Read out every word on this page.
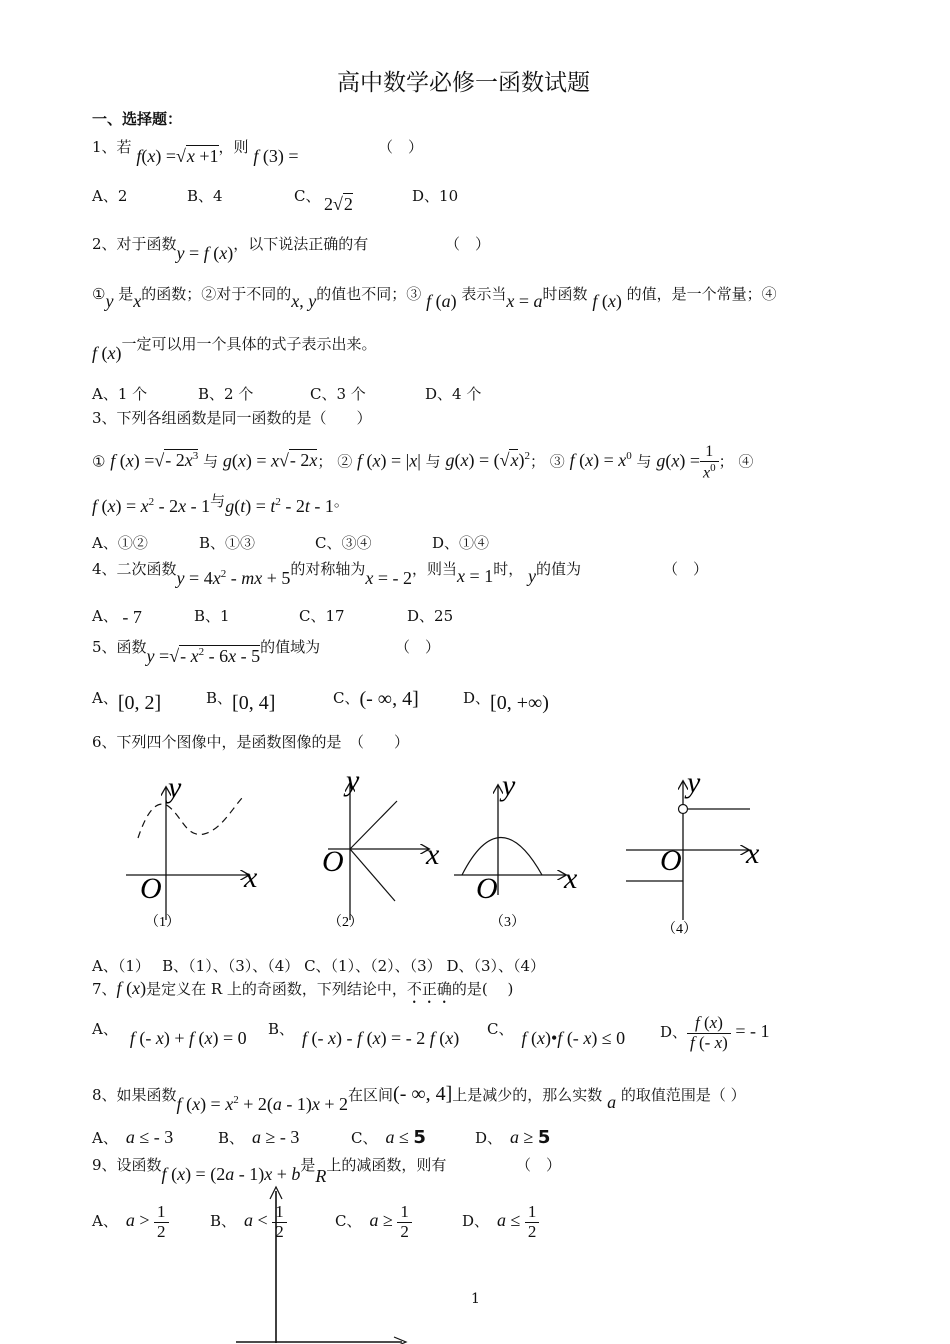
高中数学必修一函数试题
一、选择题：
1、若 f(x) =√x +1，则 f (3) =	（　）
A、2	B、4	C、 2√2	D、10
2、对于函数y = f (x)，以下说法正确的有	（　）
①y 是x的函数；②对于不同的x, y的值也不同；③ f (a) 表示当x = a时函数 f (x) 的值，是一个常量；④
f (x)一定可以用一个具体的式子表示出来。
A、1 个	B、2 个	C、3 个	D、4 个
3、下列各组函数是同一函数的是（　　）
① f (x) =√- $2x^3$ 与 g(x) = x√- 2x； ② f (x) = |x| 与 $g(x) = (√x)^2$； ③ f $(x) = x^0$ 与 $g(x) = \frac{1}{x^0}$ ； ④
f $(x) = x^2 - 2x - 1$与$g(t) = t^2 - 2t - 1$。
A、①②	B、①③	C、③④	D、①④
4、二次函数$y = 4x^2$ - mx + 5的对称轴为x = - 2，则当x = 1时， y的值为	（　）
A、 - 7	B、1	C、17	D、25
5、函数y =√- $x^2 - 6x - 5$的值域为	（　）
A、[0, 2]	B、[0, 4]	C、(- ∞, 4]	D、[0, +∞)
6、下列四个图像中，是函数图像的是　（　　）
y
x
O
（1）
y
x
O
（2）
y
x
O
（3）
y
x
O
（4）
A、（1）　 B、（1）、（3）、（4） C、（1）、（2）、（3） D、（3）、（4）
7、f (x)是定义在 R 上的奇函数，下列结论中，不正确的是(　 )
A、 f (- x) + f (x) = 0 B、 f (- x) - f (x) = - 2 f (x) C、 f (x)•f (- x) ≤ 0 D、 $\frac{f (x)}{f (- x)}$ = - 1
8、如果函数f $(x) = x^2 + 2(a - 1)x + 2$在区间(- ∞, 4]上是减少的，那么实数 a 的取值范围是（ ）
A、 a ≤ - 3	B、 a ≥ - 3	C、 a ≤ 5	D、 a ≥ 5
9、设函数f (x) = (2a - 1)x + b是R上的减函数，则有	（　）
A、 $a > \frac{1}{2}$	B、 $a < \frac{1}{2}$	C、 $a \ge \frac{1}{2}$	D、 $a \le \frac{1}{2}$
1
